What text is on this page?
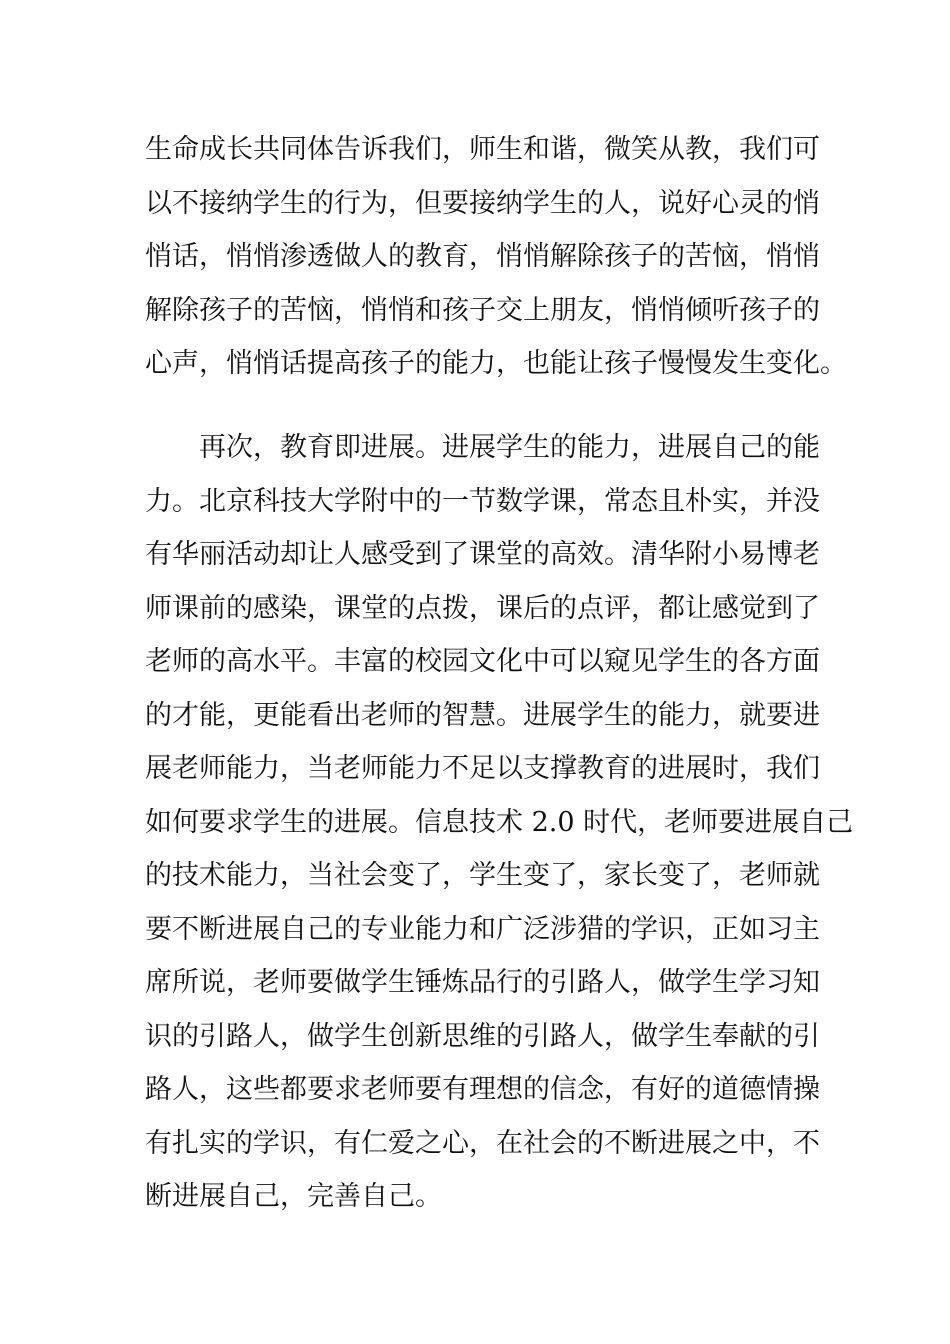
生命成长共同体告诉我们，师生和谐，微笑从教，我们可
以不接纳学生的行为，但要接纳学生的人，说好心灵的悄
悄话，悄悄渗透做人的教育，悄悄解除孩子的苦恼，悄悄
解除孩子的苦恼，悄悄和孩子交上朋友，悄悄倾听孩子的
心声，悄悄话提高孩子的能力，也能让孩子慢慢发生变化。
　　再次，教育即进展。进展学生的能力，进展自己的能
力。北京科技大学附中的一节数学课，常态且朴实，并没
有华丽活动却让人感受到了课堂的高效。清华附小易博老
师课前的感染，课堂的点拨，课后的点评，都让感觉到了
老师的高水平。丰富的校园文化中可以窥见学生的各方面
的才能，更能看出老师的智慧。进展学生的能力，就要进
展老师能力，当老师能力不足以支撑教育的进展时，我们
如何要求学生的进展。信息技术 2.0 时代，老师要进展自己
的技术能力，当社会变了，学生变了，家长变了，老师就
要不断进展自己的专业能力和广泛涉猎的学识，正如习主
席所说，老师要做学生锤炼品行的引路人，做学生学习知
识的引路人，做学生创新思维的引路人，做学生奉献的引
路人，这些都要求老师要有理想的信念，有好的道德情操
有扎实的学识，有仁爱之心，在社会的不断进展之中，不
断进展自己，完善自己。
